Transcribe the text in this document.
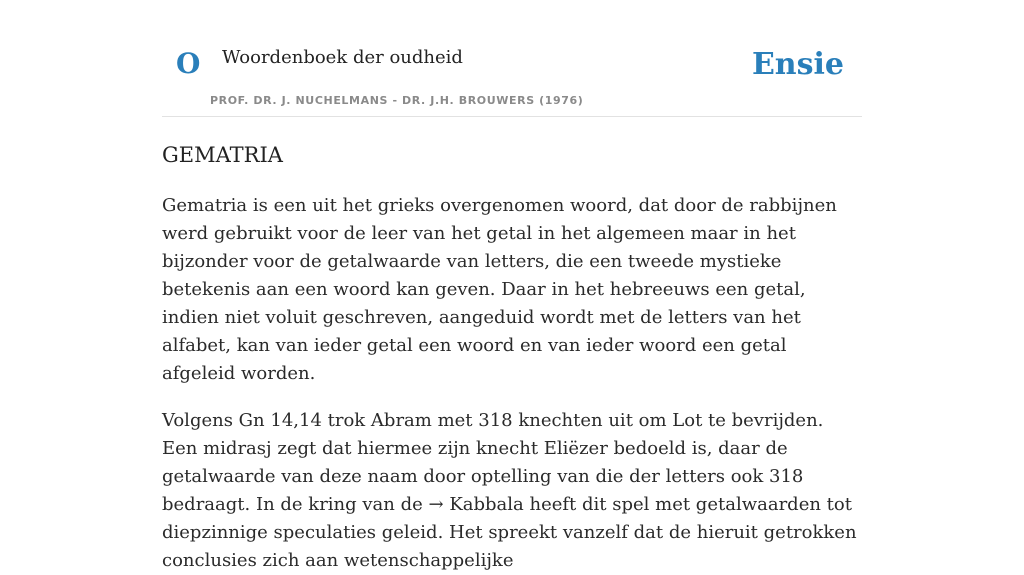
O Woordenboek der oudheid
PROF. DR. J. NUCHELMANS - DR. J.H. BROUWERS (1976)
Ensie
GEMATRIA

Gematria is een uit het grieks overgenomen woord, dat door de rabbijnen werd gebruikt voor de leer van het getal in het algemeen maar in het bijzonder voor de getalwaarde van letters, die een tweede mystieke betekenis aan een woord kan geven. Daar in het hebreeuws een getal, indien niet voluit geschreven, aangeduid wordt met de letters van het alfabet, kan van ieder getal een woord en van ieder woord een getal afgeleid worden.

Volgens Gn 14,14 trok Abram met 318 knechten uit om Lot te bevrijden. Een midrasj zegt dat hiermee zijn knecht Eliëzer bedoeld is, daar de getalwaarde van deze naam door optelling van die der letters ook 318 bedraagt. In de kring van de → Kabbala heeft dit spel met getalwaarden tot diepzinnige speculaties geleid. Het spreekt vanzelf dat de hieruit getrokken conclusies zich aan wetenschappelijke
